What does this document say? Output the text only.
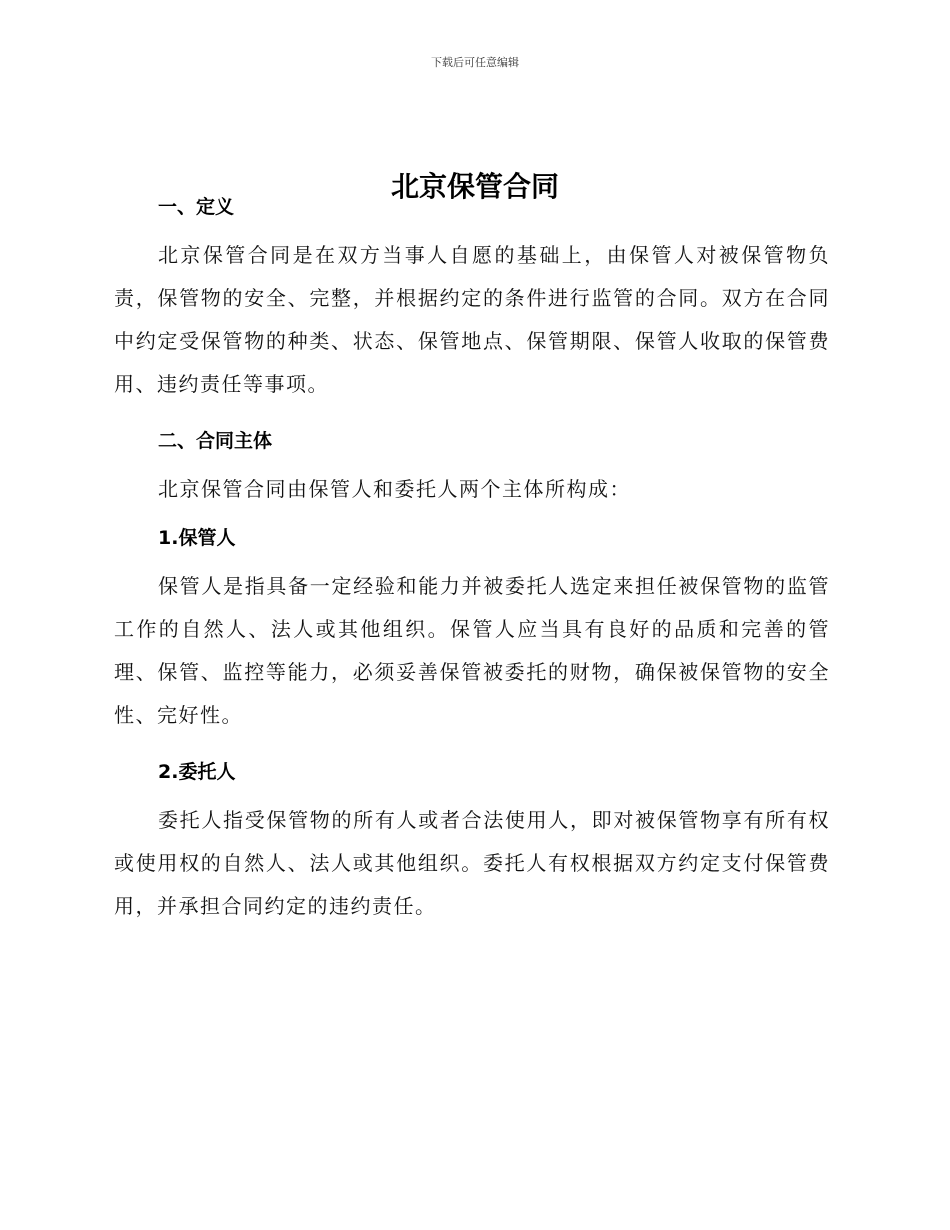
下载后可任意编辑
北京保管合同
一、定义

北京保管合同是在双方当事人自愿的基础上，由保管人对被保管物负责，保管物的安全、完整，并根据约定的条件进行监管的合同。双方在合同中约定受保管物的种类、状态、保管地点、保管期限、保管人收取的保管费用、违约责任等事项。

二、合同主体

北京保管合同由保管人和委托人两个主体所构成：

1.保管人

保管人是指具备一定经验和能力并被委托人选定来担任被保管物的监管工作的自然人、法人或其他组织。保管人应当具有良好的品质和完善的管理、保管、监控等能力，必须妥善保管被委托的财物，确保被保管物的安全性、完好性。

2.委托人

委托人指受保管物的所有人或者合法使用人，即对被保管物享有所有权或使用权的自然人、法人或其他组织。委托人有权根据双方约定支付保管费用，并承担合同约定的违约责任。
